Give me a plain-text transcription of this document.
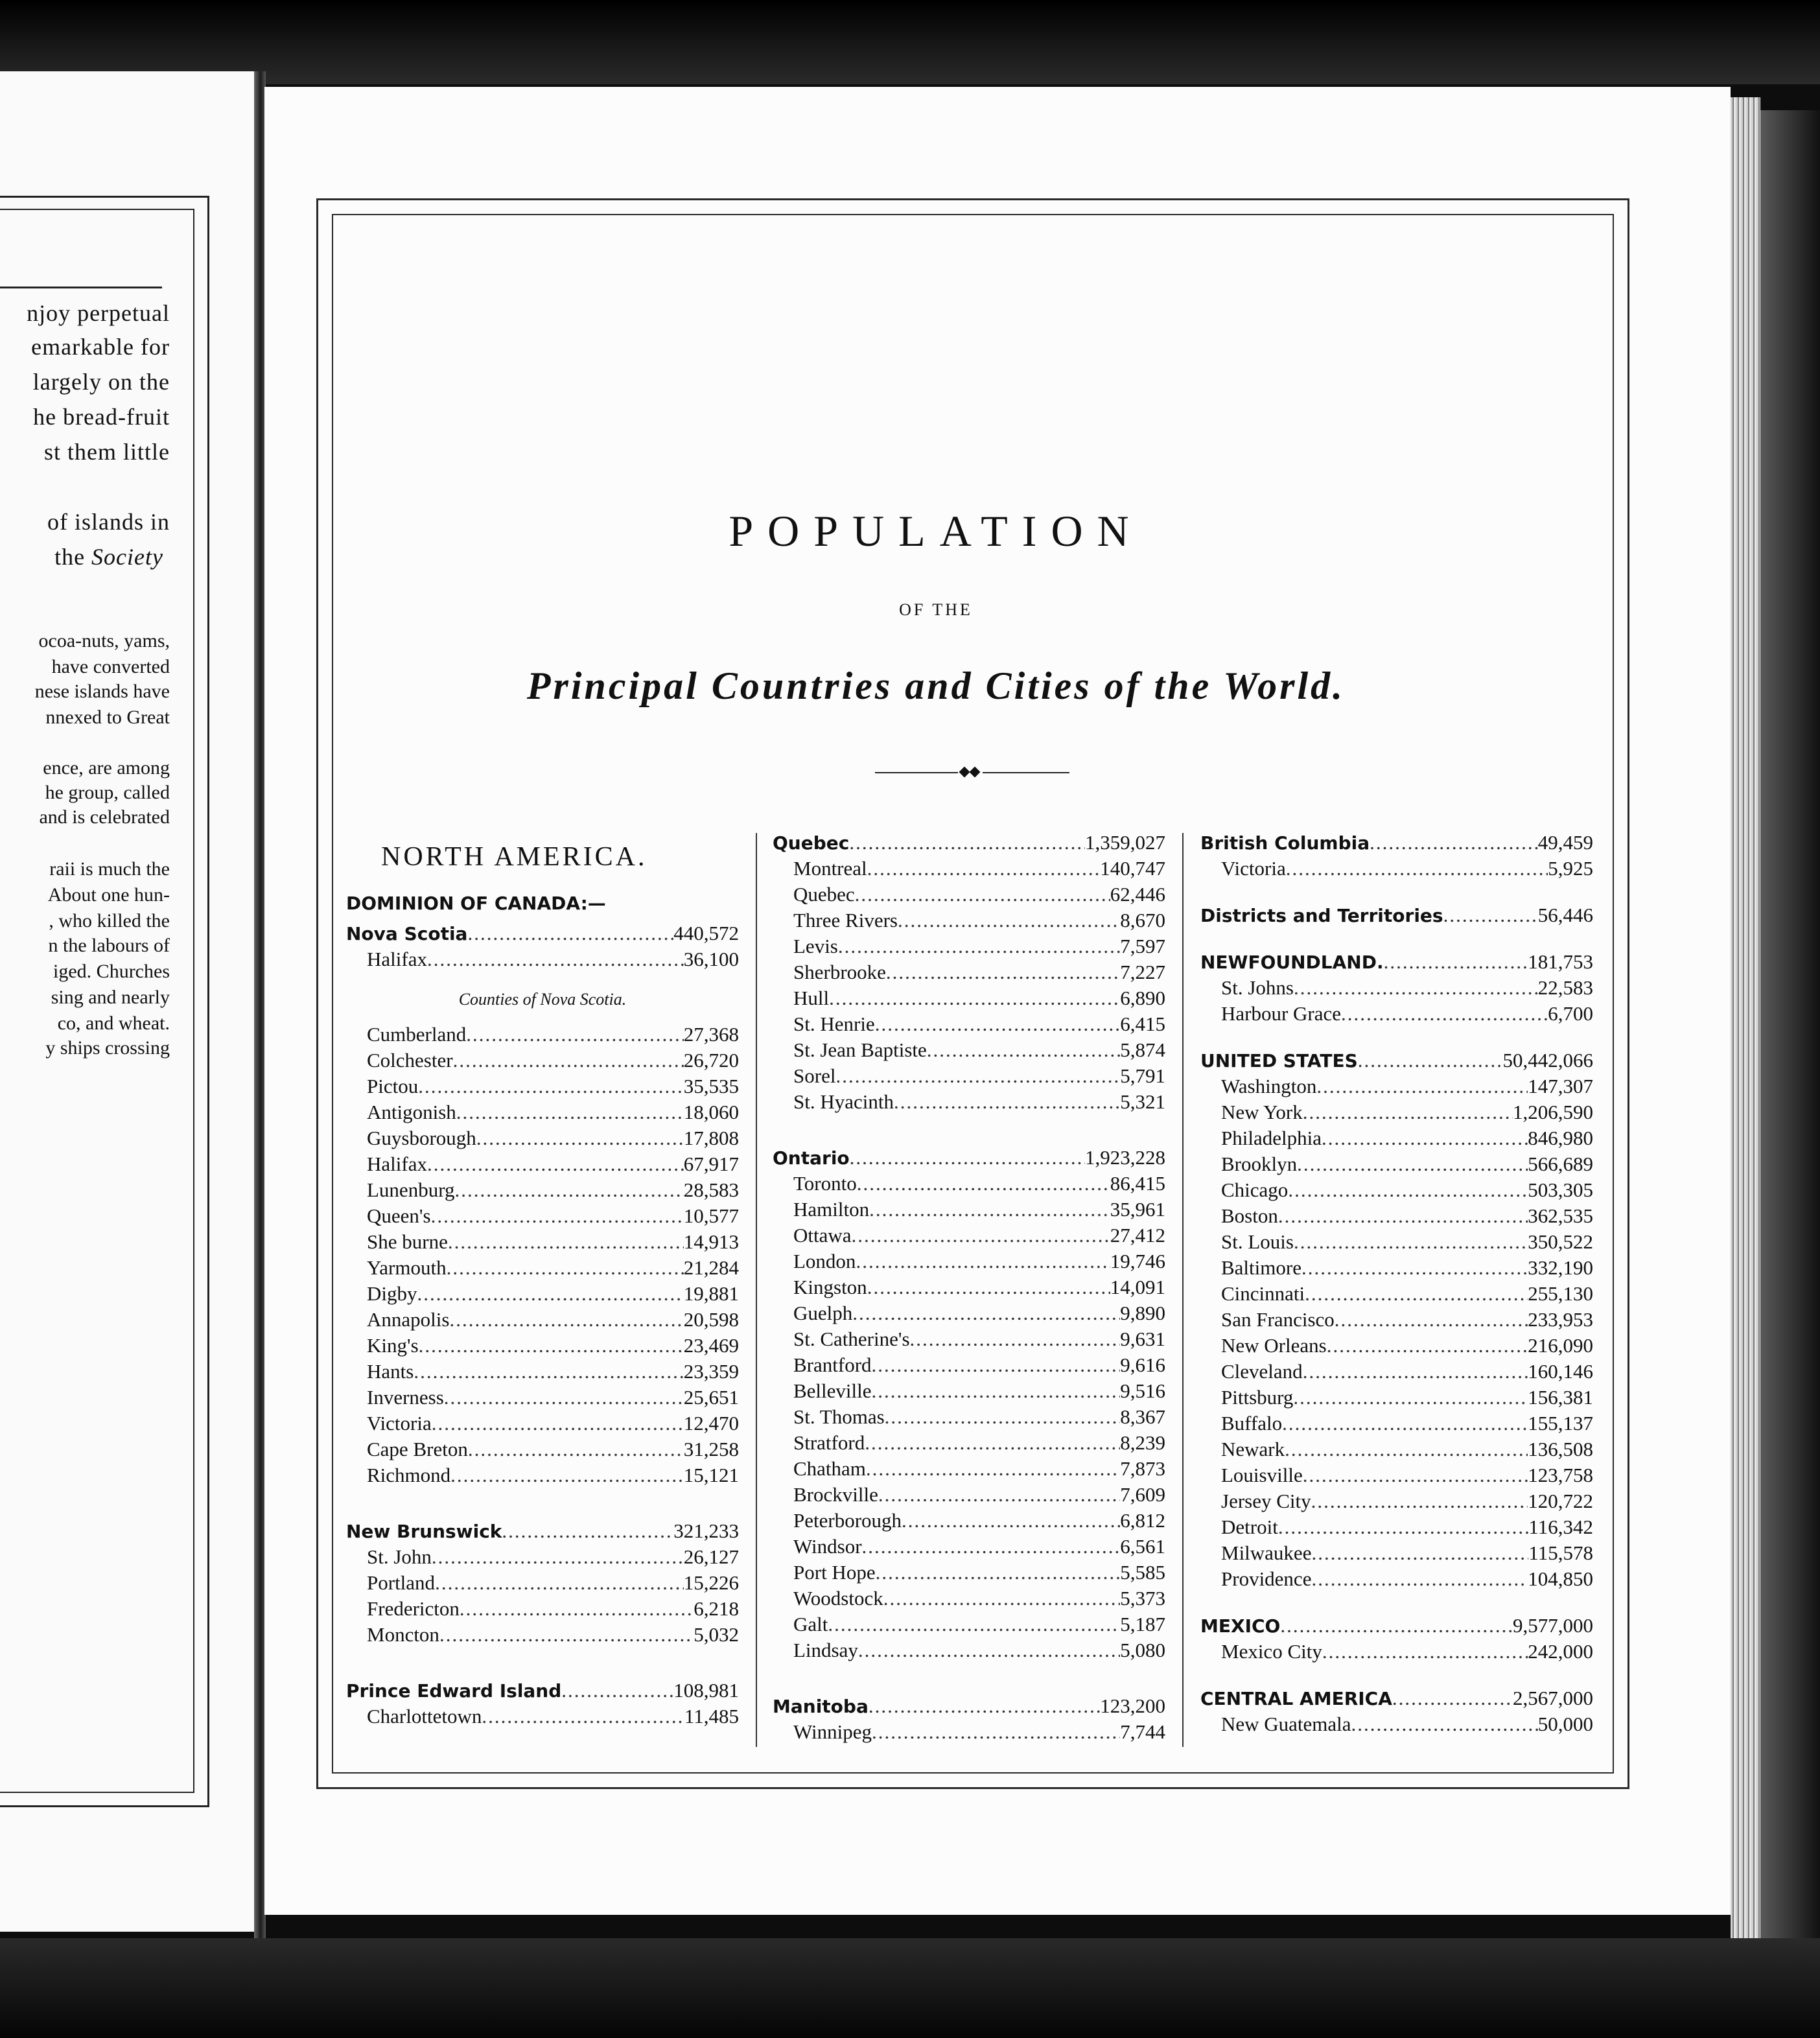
njoy perpetual
emarkable for
largely on the
he bread-fruit
st them little
of islands in
the Society
ocoa-nuts, yams,
have converted
nese islands have
nnexed to Great
ence, are among
he group, called
and is celebrated
raii is much the
About one hun-
, who killed the
n the labours of
iged. Churches
sing and nearly
co, and wheat.
y ships crossing
POPULATION
OF THE
Principal Countries and Cities of the World.
NORTH AMERICA.
DOMINION OF CANADA:—
Nova Scotia .....	440,572
Halifax .....	36,100
Counties of Nova Scotia.
Cumberland .....	27,368
Colchester .....	26,720
Pictou .....	35,535
Antigonish .....	18,060
Guysborough .....	17,808
Halifax .....	67,917
Lunenburg .....	28,583
Queen's .....	10,577
She burne .....	14,913
Yarmouth .....	21,284
Digby .....	19,881
Annapolis .....	20,598
King's .....	23,469
Hants .....	23,359
Inverness .....	25,651
Victoria .....	12,470
Cape Breton .....	31,258
Richmond .....	15,121
New Brunswick .....	321,233
St. John .....	26,127
Portland .....	15,226
Fredericton .....	6,218
Moncton .....	5,032
Prince Edward Island .....	108,981
Charlottetown .....	11,485
Quebec .....	1,359,027
Montreal .....	140,747
Quebec .....	62,446
Three Rivers .....	8,670
Levis .....	7,597
Sherbrooke .....	7,227
Hull .....	6,890
St. Henrie .....	6,415
St. Jean Baptiste .....	5,874
Sorel .....	5,791
St. Hyacinth .....	5,321
Ontario .....	1,923,228
Toronto .....	86,415
Hamilton .....	35,961
Ottawa .....	27,412
London .....	19,746
Kingston .....	14,091
Guelph .....	9,890
St. Catherine's .....	9,631
Brantford .....	9,616
Belleville .....	9,516
St. Thomas .....	8,367
Stratford .....	8,239
Chatham .....	7,873
Brockville .....	7,609
Peterborough .....	6,812
Windsor .....	6,561
Port Hope .....	5,585
Woodstock .....	5,373
Galt .....	5,187
Lindsay .....	5,080
Manitoba .....	123,200
Winnipeg .....	7,744
British Columbia .....	49,459
Victoria .....	5,925
Districts and Territories .....	56,446
NEWFOUNDLAND. .....	181,753
St. Johns .....	22,583
Harbour Grace .....	6,700
UNITED STATES .....	50,442,066
Washington .....	147,307
New York .....	1,206,590
Philadelphia .....	846,980
Brooklyn .....	566,689
Chicago .....	503,305
Boston .....	362,535
St. Louis .....	350,522
Baltimore .....	332,190
Cincinnati .....	255,130
San Francisco .....	233,953
New Orleans .....	216,090
Cleveland .....	160,146
Pittsburg .....	156,381
Buffalo .....	155,137
Newark .....	136,508
Louisville .....	123,758
Jersey City .....	120,722
Detroit .....	116,342
Milwaukee .....	115,578
Providence .....	104,850
MEXICO .....	9,577,000
Mexico City .....	242,000
CENTRAL AMERICA .....	2,567,000
New Guatemala .....	50,000
